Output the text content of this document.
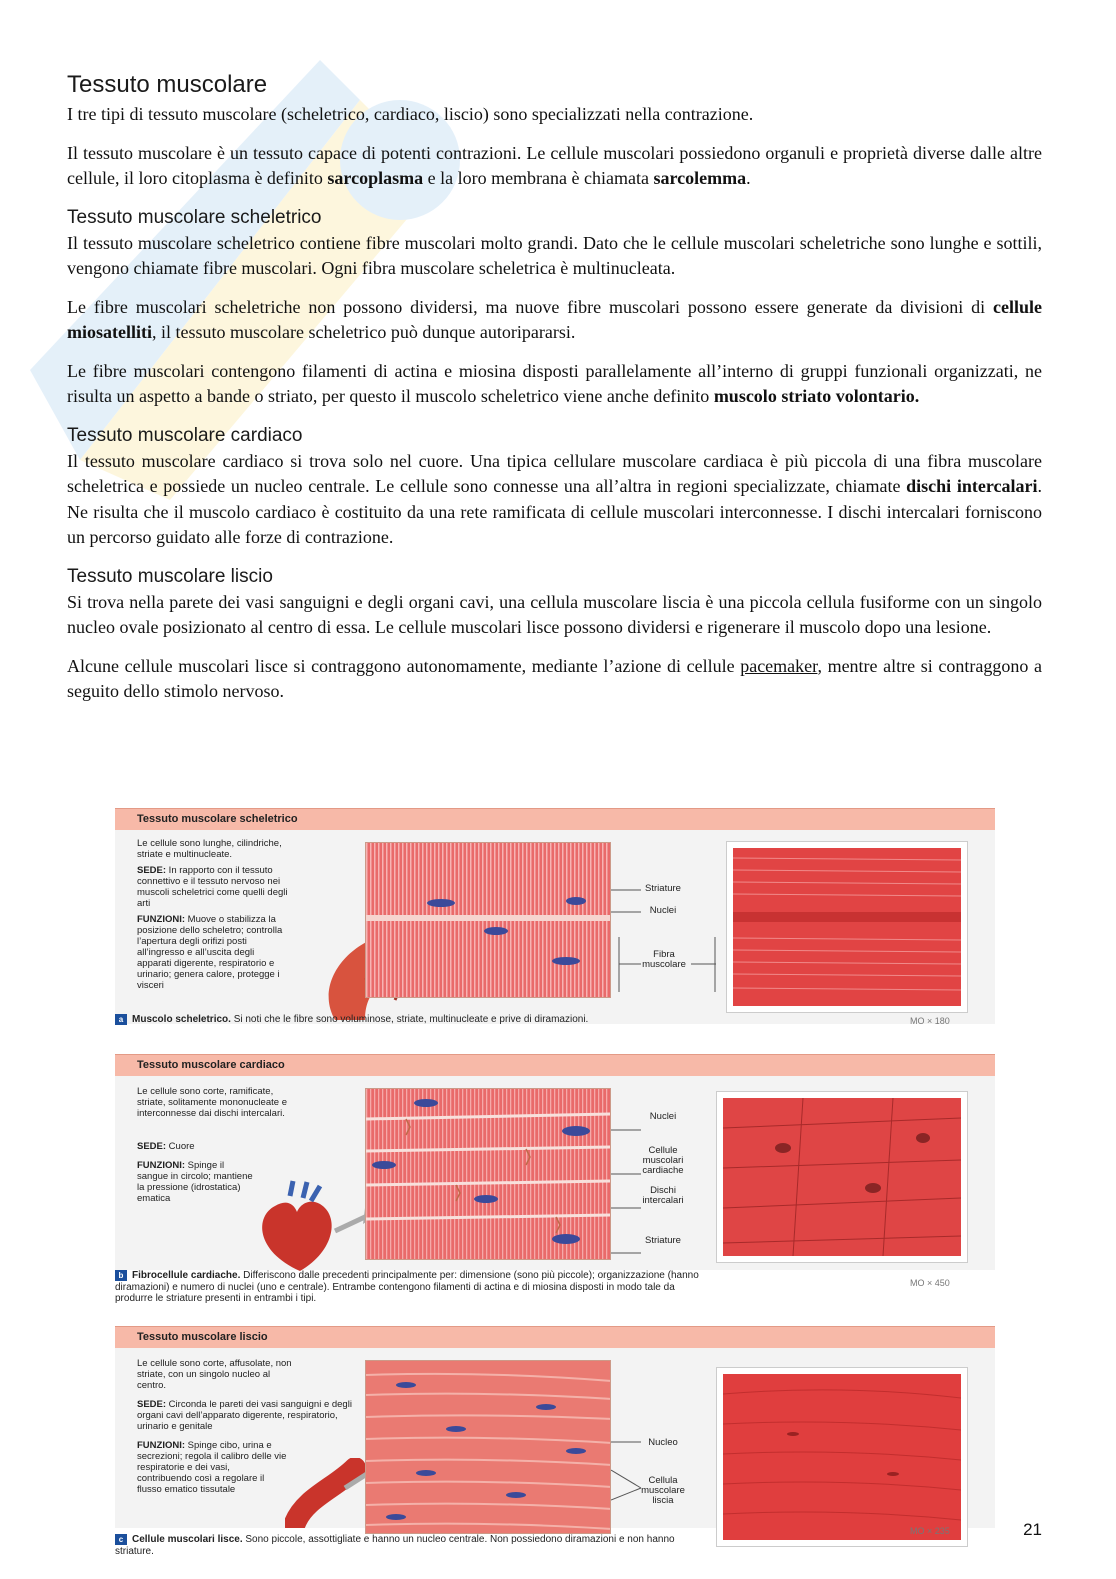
Tessuto muscolare

I tre tipi di tessuto muscolare (scheletrico, cardiaco, liscio) sono specializzati nella contrazione.

Il tessuto muscolare è un tessuto capace di potenti contrazioni. Le cellule muscolari possiedono organuli e proprietà diverse dalle altre cellule, il loro citoplasma è definito sarcoplasma e la loro membrana è chiamata sarcolemma.

Tessuto muscolare scheletrico

Il tessuto muscolare scheletrico contiene fibre muscolari molto grandi. Dato che le cellule muscolari scheletriche sono lunghe e sottili, vengono chiamate fibre muscolari. Ogni fibra muscolare scheletrica è multinucleata.

Le fibre muscolari scheletriche non possono dividersi, ma nuove fibre muscolari possono essere generate da divisioni di cellule miosatelliti, il tessuto muscolare scheletrico può dunque autoripararsi.

Le fibre muscolari contengono filamenti di actina e miosina disposti parallelamente all’interno di gruppi funzionali organizzati, ne risulta un aspetto a bande o striato, per questo il muscolo scheletrico viene anche definito muscolo striato volontario.

Tessuto muscolare cardiaco

Il tessuto muscolare cardiaco si trova solo nel cuore. Una tipica cellulare muscolare cardiaca è più piccola di una fibra muscolare scheletrica e possiede un nucleo centrale. Le cellule sono connesse una all’altra in regioni specializzate, chiamate dischi intercalari. Ne risulta che il muscolo cardiaco è costituito da una rete ramificata di cellule muscolari interconnesse. I dischi intercalari forniscono un percorso guidato alle forze di contrazione.

Tessuto muscolare liscio

Si trova nella parete dei vasi sanguigni e degli organi cavi, una cellula muscolare liscia è una piccola cellula fusiforme con un singolo nucleo ovale posizionato al centro di essa. Le cellule muscolari lisce possono dividersi e rigenerare il muscolo dopo una lesione.

Alcune cellule muscolari lisce si contraggono autonomamente, mediante l’azione di cellule pacemaker, mentre altre si contraggono a seguito dello stimolo nervoso.

Tessuto muscolare scheletrico
Le cellule sono lunghe, cilindriche, striate e multinucleate.
SEDE: In rapporto con il tessuto connettivo e il tessuto nervoso nei muscoli scheletrici come quelli degli arti
FUNZIONI: Muove o stabilizza la posizione dello scheletro; controlla l’apertura degli orifizi posti all’ingresso e all’uscita degli apparati digerente, respiratorio e urinario; genera calore, protegge i visceri
Striature
Nuclei
Fibra muscolare
MO × 180
a Muscolo scheletrico. Si noti che le fibre sono voluminose, striate, multinucleate e prive di diramazioni.
Tessuto muscolare cardiaco
Le cellule sono corte, ramificate, striate, solitamente mononucleate e interconnesse dai dischi intercalari.
SEDE: Cuore
FUNZIONI: Spinge il sangue in circolo; mantiene la pressione (idrostatica) ematica
Nuclei
Cellule muscolari cardiache
Dischi intercalari
Striature
MO × 450
b Fibrocellule cardiache. Differiscono dalle precedenti principalmente per: dimensione (sono più piccole); organizzazione (hanno diramazioni) e numero di nuclei (uno e centrale). Entrambe contengono filamenti di actina e di miosina disposti in modo tale da produrre le striature presenti in entrambi i tipi.
Tessuto muscolare liscio
Le cellule sono corte, affusolate, non striate, con un singolo nucleo al centro.
SEDE: Circonda le pareti dei vasi sanguigni e degli organi cavi dell’apparato digerente, respiratorio, urinario e genitale
FUNZIONI: Spinge cibo, urina e secrezioni; regola il calibro delle vie respiratorie e dei vasi, contribuendo così a regolare il flusso ematico tissutale
Nucleo
Cellula muscolare liscia
MO × 235
c Cellule muscolari lisce. Sono piccole, assottigliate e hanno un nucleo centrale. Non possiedono diramazioni e non hanno striature.
21
